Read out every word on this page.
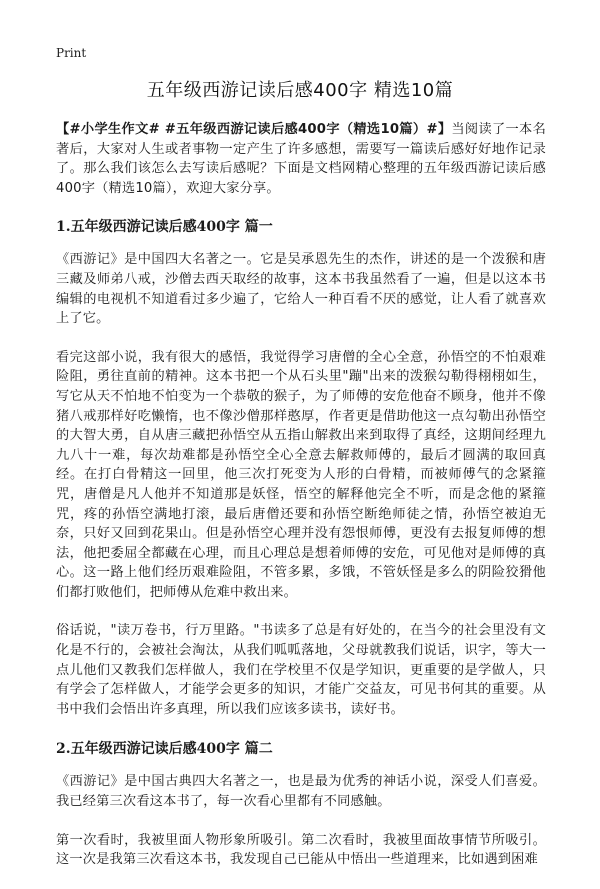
Print
五年级西游记读后感400字 精选10篇

【#小学生作文# #五年级西游记读后感400字（精选10篇）#】当阅读了一本名著后，大家对人生或者事物一定产生了许多感想，需要写一篇读后感好好地作记录了。那么我们该怎么去写读后感呢？下面是文档网精心整理的五年级西游记读后感400字（精选10篇），欢迎大家分享。

1.五年级西游记读后感400字 篇一

《西游记》是中国四大名著之一。它是吴承恩先生的杰作，讲述的是一个泼猴和唐三藏及师弟八戒，沙僧去西天取经的故事，这本书我虽然看了一遍，但是以这本书编辑的电视机不知道看过多少遍了，它给人一种百看不厌的感觉，让人看了就喜欢上了它。

看完这部小说，我有很大的感悟，我觉得学习唐僧的全心全意，孙悟空的不怕艰难险阻，勇往直前的精神。这本书把一个从石头里"蹦"出来的泼猴勾勒得栩栩如生，写它从天不怕地不怕变为一个恭敬的猴子，为了师傅的安危他奋不顾身，他并不像猪八戒那样好吃懒惰，也不像沙僧那样憨厚，作者更是借助他这一点勾勒出孙悟空的大智大勇，自从唐三藏把孙悟空从五指山解救出来到取得了真经，这期间经理九九八十一难，每次劫难都是孙悟空全心全意去解救师傅的，最后才圆满的取回真经。在打白骨精这一回里，他三次打死变为人形的白骨精，而被师傅气的念紧箍咒，唐僧是凡人他并不知道那是妖怪，悟空的解释他完全不听，而是念他的紧箍咒，疼的孙悟空满地打滚，最后唐僧还要和孙悟空断绝师徒之情，孙悟空被迫无奈，只好又回到花果山。但是孙悟空心理并没有怨恨师傅，更没有去报复师傅的想法，他把委屈全都藏在心理，而且心理总是想着师傅的安危，可见他对是师傅的真心。这一路上他们经历艰难险阻，不管多累，多饿，不管妖怪是多么的阴险狡猾他们都打败他们，把师傅从危难中救出来。

俗话说，"读万卷书，行万里路。"书读多了总是有好处的，在当今的社会里没有文化是不行的，会被社会淘汰，从我们呱呱落地，父母就教我们说话，识字，等大一点儿他们又教我们怎样做人，我们在学校里不仅是学知识，更重要的是学做人，只有学会了怎样做人，才能学会更多的知识，才能广交益友，可见书何其的重要。从书中我们会悟出许多真理，所以我们应该多读书，读好书。

2.五年级西游记读后感400字 篇二

《西游记》是中国古典四大名著之一，也是最为优秀的神话小说，深受人们喜爱。我已经第三次看这本书了，每一次看心里都有不同感触。

第一次看时，我被里面人物形象所吸引。第二次看时，我被里面故事情节所吸引。这一次是我第三次看这本书，我发现自己已能从中悟出一些道理来，比如遇到困难
